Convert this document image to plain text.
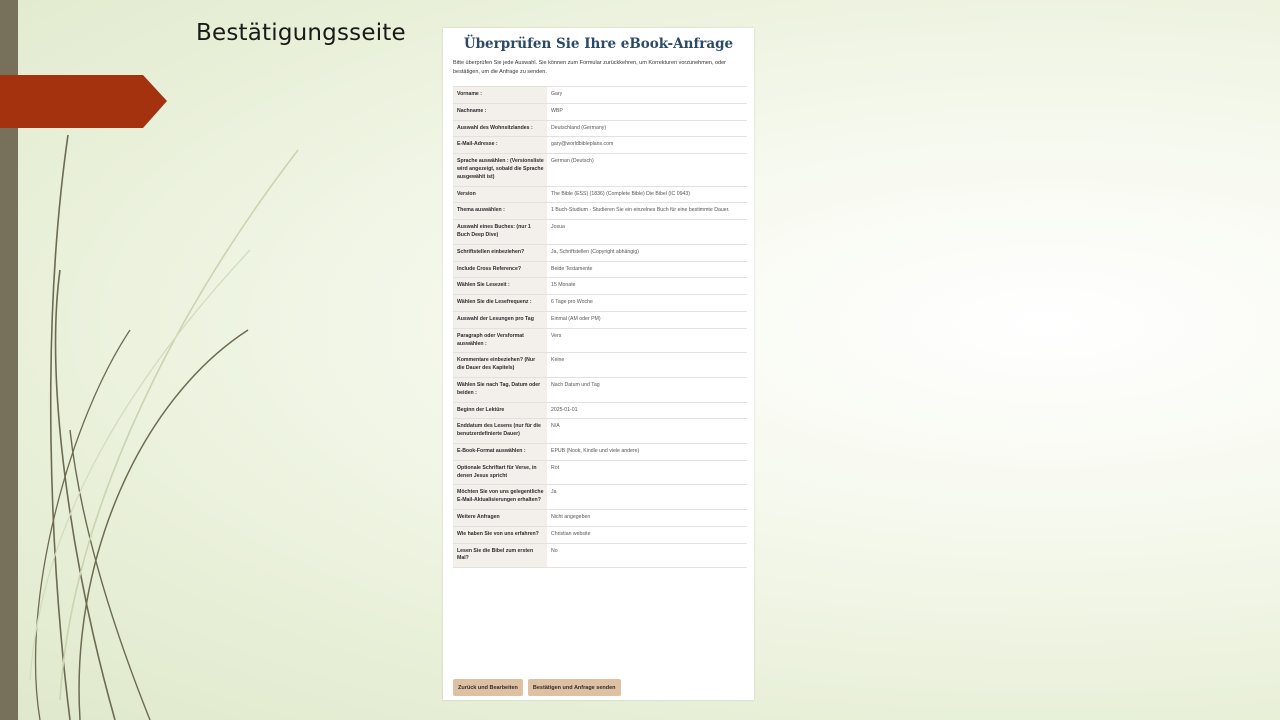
Bestätigungsseite	Überprüfen Sie Ihre eBook-Anfrage

Bitte überprüfen Sie jede Auswahl. Sie können zum Formular zurückkehren, um Korrekturen vorzunehmen, oder bestätigen, um die Anfrage zu senden.

Vorname :	Gary
Nachname :	WBP
Auswahl des Wohnsitzlandes :	Deutschland (Germany)
E-Mail-Adresse :	gary@worldbibleplans.com
Sprache auswählen : (Versionsliste wird angezeigt, sobald die Sprache ausgewählt ist)	German (Deutsch)
Version	The Bible (ESS) (1836) (Complete Bible) Die Bibel (IC 0943)
Thema auswählen :	1 Buch-Studium - Studieren Sie ein einzelnes Buch für eine bestimmte Dauer.
Auswahl eines Buches: (nur 1 Buch Deep Dive)	Josua
Schriftstellen einbeziehen?	Ja, Schriftstellen (Copyright abhängig)
Include Cross Reference?	Beide Testamente
Wählen Sie Lesezeit :	15 Monate
Wählen Sie die Lesefrequenz :	6 Tage pro Woche
Auswahl der Lesungen pro Tag	Einmal (AM oder PM)
Paragraph oder Versformat auswählen :	Vers
Kommentare einbeziehen? (Nur die Dauer des Kapitels)	Keine
Wählen Sie nach Tag, Datum oder beiden :	Nach Datum und Tag
Beginn der Lektüre	2025-01-01
Enddatum des Lesens (nur für die benutzerdefinierte Dauer)	N/A
E-Book-Format auswählen :	EPUB (Nook, Kindle und viele andere)
Optionale Schriftart für Verse, in denen Jesus spricht	Rot
Möchten Sie von uns gelegentliche E-Mail-Aktualisierungen erhalten?	Ja
Weitere Anfragen	Nicht angegeben
Wie haben Sie von uns erfahren?	Christian website
Lesen Sie die Bibel zum ersten Mal?	No
Zurück und Bearbeiten	Bestätigen und Anfrage senden
